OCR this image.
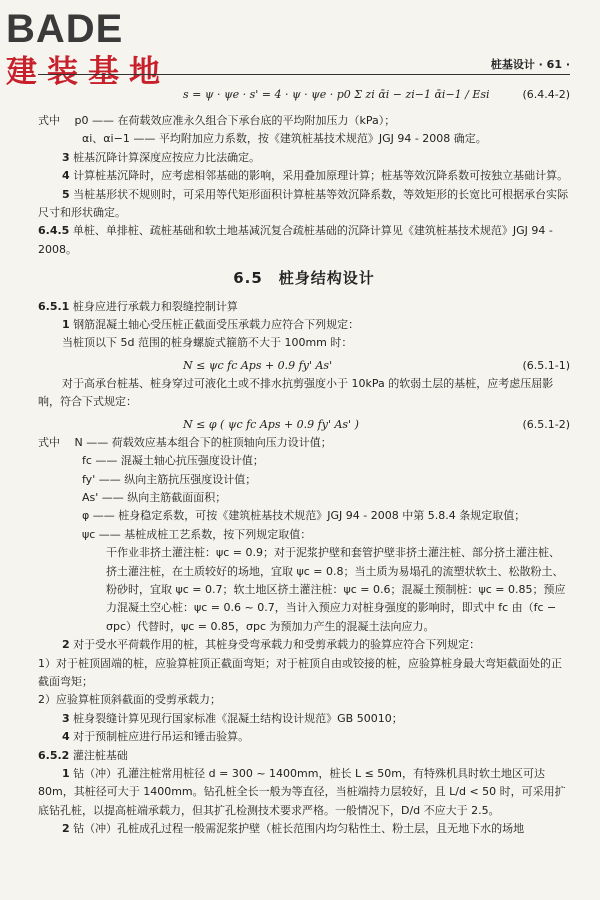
BADE
建装基地	桩基设计 · 61 ·
s = ψ · ψe · s' = 4 · ψ · ψe · p0 Σ zi ᾱi − zi−1 ᾱi−1 / Esi	(6.4.4-2)

式中　 p0 —— 在荷载效应准永久组合下承台底的平均附加压力（kPa）；

αi、αi−1 —— 平均附加应力系数，按《建筑桩基技术规范》JGJ 94 - 2008 确定。

3 桩基沉降计算深度应按应力比法确定。

4 计算桩基沉降时，应考虑相邻基础的影响，采用叠加原理计算；桩基等效沉降系数可按独立基础计算。

5 当桩基形状不规则时，可采用等代矩形面积计算桩基等效沉降系数，等效矩形的长宽比可根据承台实际尺寸和形状确定。

6.4.5 单桩、单排桩、疏桩基础和软土地基减沉复合疏桩基础的沉降计算见《建筑桩基技术规范》JGJ 94 - 2008。

6.5　桩身结构设计

6.5.1 桩身应进行承载力和裂缝控制计算

1 钢筋混凝土轴心受压桩正截面受压承载力应符合下列规定：

当桩顶以下 5d 范围的桩身螺旋式箍筋不大于 100mm 时：

N ≤ ψc fc Aps + 0.9 fy' As'	(6.5.1-1)

对于高承台桩基、桩身穿过可液化土或不排水抗剪强度小于 10kPa 的软弱土层的基桩，应考虑压屈影响，符合下式规定：

N ≤ φ ( ψc fc Aps + 0.9 fy' As' )	(6.5.1-2)

式中　 N —— 荷载效应基本组合下的桩顶轴向压力设计值；

fc —— 混凝土轴心抗压强度设计值；

fy' —— 纵向主筋抗压强度设计值；

As' —— 纵向主筋截面面积；

φ —— 桩身稳定系数，可按《建筑桩基技术规范》JGJ 94 - 2008 中第 5.8.4 条规定取值；

ψc —— 基桩成桩工艺系数，按下列规定取值：

干作业非挤土灌注桩：ψc = 0.9；对于泥浆护壁和套管护壁非挤土灌注桩、部分挤土灌注桩、挤土灌注桩，在土质较好的场地，宜取 ψc = 0.8；当土质为易塌孔的流塑状软土、松散粉土、粉砂时，宜取 ψc = 0.7；软土地区挤土灌注桩：ψc = 0.6；混凝土预制桩：ψc = 0.85；预应力混凝土空心桩：ψc = 0.6 ~ 0.7，当计入预应力对桩身强度的影响时，即式中 fc 由（fc − σpc）代替时，ψc = 0.85，σpc 为预加力产生的混凝土法向应力。

2 对于受水平荷载作用的桩，其桩身受弯承载力和受剪承载力的验算应符合下列规定：

1）对于桩顶固端的桩，应验算桩顶正截面弯矩；对于桩顶自由或铰接的桩，应验算桩身最大弯矩截面处的正截面弯矩；

2）应验算桩顶斜截面的受剪承载力；

3 桩身裂缝计算见现行国家标准《混凝土结构设计规范》GB 50010；

4 对于预制桩应进行吊运和锤击验算。

6.5.2 灌注桩基础

1 钻（冲）孔灌注桩常用桩径 d = 300 ~ 1400mm，桩长 L ≤ 50m，有特殊机具时软土地区可达 80m，其桩径可大于 1400mm。钻孔桩全长一般为等直径，当桩端持力层较好，且 L/d < 50 时，可采用扩底钻孔桩，以提高桩端承载力，但其扩孔检测技术要求严格。一般情况下，D/d 不应大于 2.5。

2 钻（冲）孔桩成孔过程一般需泥浆护壁（桩长范围内均匀粘性土、粉土层，且无地下水的场地
